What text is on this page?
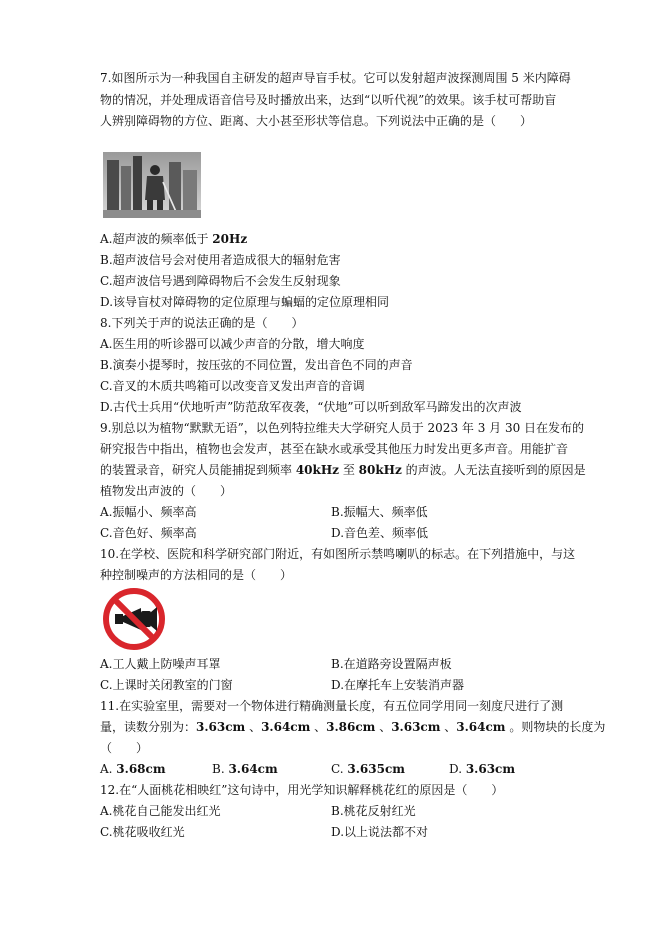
7.如图所示为一种我国自主研发的超声导盲手杖。它可以发射超声波探测周围 5 米内障碍
物的情况，并处理成语音信号及时播放出来，达到“以听代视”的效果。该手杖可帮助盲
人辨别障碍物的方位、距离、大小甚至形状等信息。下列说法中正确的是（　　）
A.超声波的频率低于 20Hz
B.超声波信号会对使用者造成很大的辐射危害
C.超声波信号遇到障碍物后不会发生反射现象
D.该导盲杖对障碍物的定位原理与蝙蝠的定位原理相同
8.下列关于声的说法正确的是（　　）
A.医生用的听诊器可以减少声音的分散，增大响度
B.演奏小提琴时，按压弦的不同位置，发出音色不同的声音
C.音叉的木质共鸣箱可以改变音叉发出声音的音调
D.古代士兵用“伏地听声”防范敌军夜袭，“伏地”可以听到敌军马蹄发出的次声波
9.别总以为植物“默默无语”，以色列特拉维夫大学研究人员于 2023 年 3 月 30 日在发布的
研究报告中指出，植物也会发声，甚至在缺水或承受其他压力时发出更多声音。用能扩音
的装置录音，研究人员能捕捉到频率 40kHz 至 80kHz 的声波。人无法直接听到的原因是
植物发出声波的（　　）
A.振幅小、频率高	B.振幅大、频率低
C.音色好、频率高	D.音色差、频率低
10.在学校、医院和科学研究部门附近，有如图所示禁鸣喇叭的标志。在下列措施中，与这
种控制噪声的方法相同的是（　　）
A.工人戴上防噪声耳罩	B.在道路旁设置隔声板
C.上课时关闭教室的门窗	D.在摩托车上安装消声器
11.在实验室里，需要对一个物体进行精确测量长度，有五位同学用同一刻度尺进行了测
量，读数分别为：3.63cm 、3.64cm 、3.86cm 、3.63cm 、3.64cm 。则物块的长度为
（　　）
A. 3.68cm	B. 3.64cm	C. 3.635cm	D. 3.63cm
12.在“人面桃花相映红”这句诗中，用光学知识解释桃花红的原因是（　　）
A.桃花自己能发出红光	B.桃花反射红光
C.桃花吸收红光	D.以上说法都不对
